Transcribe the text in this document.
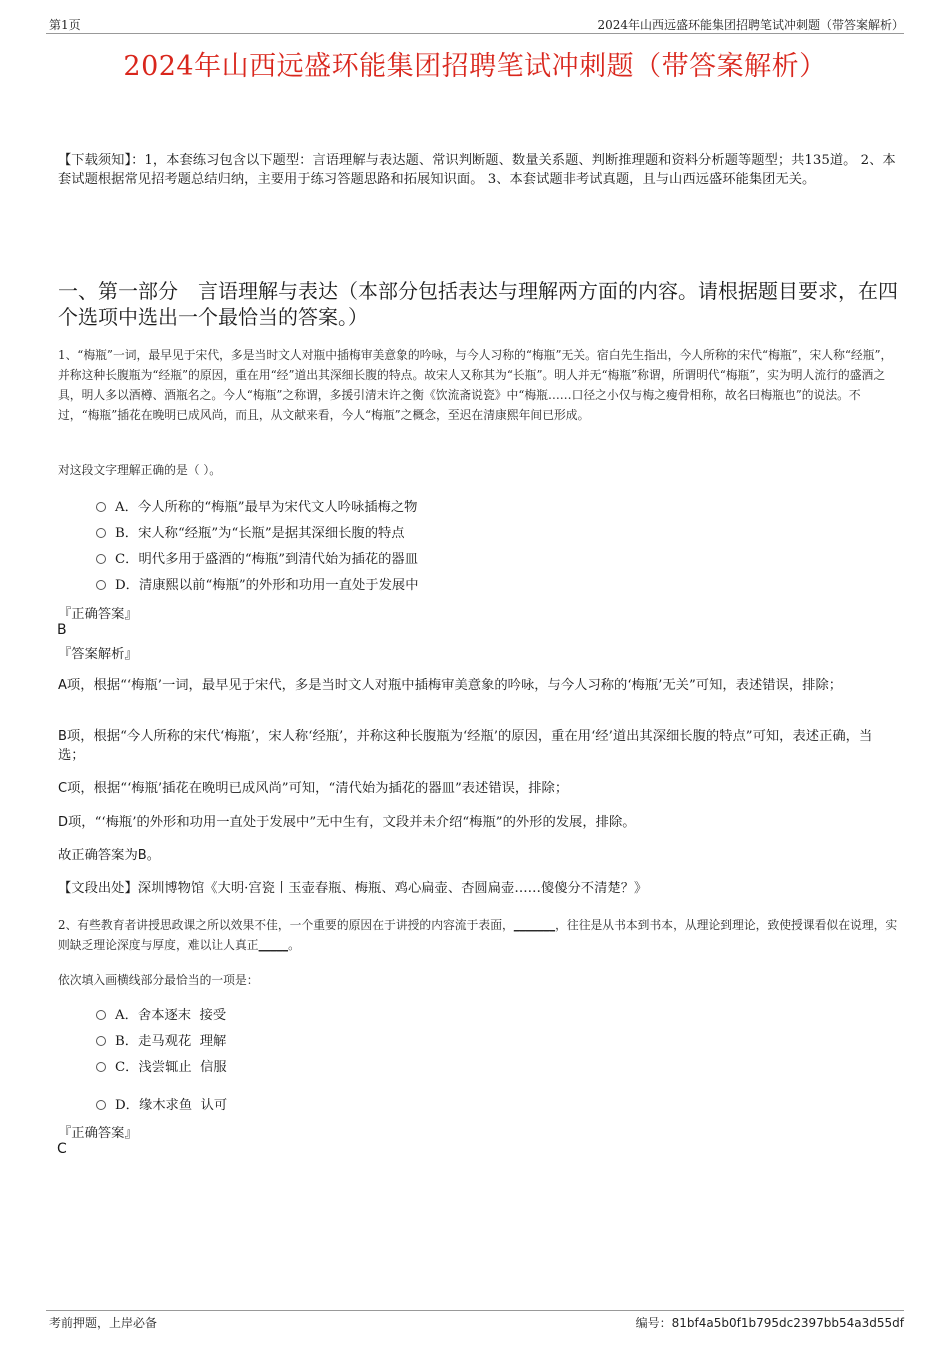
第1页	2024年山西远盛环能集团招聘笔试冲刺题（带答案解析）
2024年山西远盛环能集团招聘笔试冲刺题（带答案解析）
【下载须知】：1，本套练习包含以下题型：言语理解与表达题、常识判断题、数量关系题、判断推理题和资料分析题等题型；共135道。 2、本套试题根据常见招考题总结归纳，主要用于练习答题思路和拓展知识面。 3、本套试题非考试真题，且与山西远盛环能集团无关。
一、第一部分　言语理解与表达（本部分包括表达与理解两方面的内容。请根据题目要求，在四个选项中选出一个最恰当的答案。）
1、“梅瓶”一词，最早见于宋代，多是当时文人对瓶中插梅审美意象的吟咏，与今人习称的“梅瓶”无关。宿白先生指出，今人所称的宋代“梅瓶”，宋人称“经瓶”，并称这种长腹瓶为“经瓶”的原因，重在用“经”道出其深细长腹的特点。故宋人又称其为“长瓶”。明人并无“梅瓶”称谓，所谓明代“梅瓶”，实为明人流行的盛酒之具，明人多以酒樽、酒瓶名之。今人“梅瓶”之称谓，多援引清末许之衡《饮流斋说瓷》中“梅瓶……口径之小仅与梅之瘦骨相称，故名曰梅瓶也”的说法。不过，“梅瓶”插花在晚明已成风尚，而且，从文献来看，今人“梅瓶”之概念，至迟在清康熙年间已形成。
对这段文字理解正确的是（ ）。
A．今人所称的“梅瓶”最早为宋代文人吟咏插梅之物
B．宋人称“经瓶”为“长瓶”是据其深细长腹的特点
C．明代多用于盛酒的“梅瓶”到清代始为插花的器皿
D．清康熙以前“梅瓶”的外形和功用一直处于发展中
『正确答案』
B
『答案解析』
A项，根据“‘梅瓶’一词，最早见于宋代，多是当时文人对瓶中插梅审美意象的吟咏，与今人习称的‘梅瓶’无关”可知，表述错误，排除；
B项，根据“今人所称的宋代‘梅瓶’，宋人称‘经瓶’，并称这种长腹瓶为‘经瓶’的原因，重在用‘经’道出其深细长腹的特点”可知，表述正确，当选；
C项，根据“‘梅瓶’插花在晚明已成风尚”可知，“清代始为插花的器皿”表述错误，排除；
D项，“‘梅瓶’的外形和功用一直处于发展中”无中生有，文段并未介绍“梅瓶”的外形的发展，排除。
故正确答案为B。
【文段出处】深圳博物馆《大明·宫瓷丨玉壶春瓶、梅瓶、鸡心扁壶、杏圆扁壶……傻傻分不清楚？》
2、有些教育者讲授思政课之所以效果不佳，一个重要的原因在于讲授的内容流于表面，_______，往往是从书本到书本，从理论到理论，致使授课看似在说理，实则缺乏理论深度与厚度，难以让人真正_____。
依次填入画横线部分最恰当的一项是：
A．舍本逐末  接受
B．走马观花  理解
C．浅尝辄止  信服
D．缘木求鱼  认可
『正确答案』
C
考前押题，上岸必备	编号：81bf4a5b0f1b795dc2397bb54a3d55df
